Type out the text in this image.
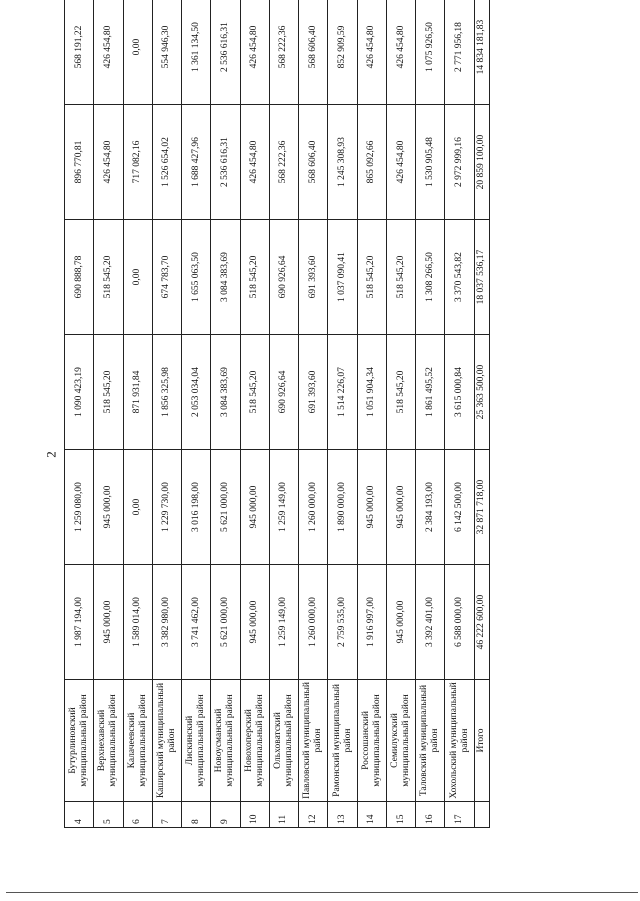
2
4	Бутурлиновский муниципальный район	1 987 194,00	1 259 080,00	1 090 423,19	690 888,78	896 770,81	568 191,22
5	Верхнехавский муниципальный район	945 000,00	945 000,00	518 545,20	518 545,20	426 454,80	426 454,80
6	Калачеевский муниципальный район	1 589 014,00	0,00	871 931,84	0,00	717 082,16	0,00
7	Каширский муниципальный район	3 382 980,00	1 229 730,00	1 856 325,98	674 783,70	1 526 654,02	554 946,30
8	Лискинский муниципальный район	3 741 462,00	3 016 198,00	2 053 034,04	1 655 063,50	1 688 427,96	1 361 134,50
9	Новоусманский муниципальный район	5 621 000,00	5 621 000,00	3 084 383,69	3 084 383,69	2 536 616,31	2 536 616,31
10	Новохоперский муниципальный район	945 000,00	945 000,00	518 545,20	518 545,20	426 454,80	426 454,80
11	Ольховатский муниципальный район	1 259 149,00	1 259 149,00	690 926,64	690 926,64	568 222,36	568 222,36
12	Павловский муниципальный район	1 260 000,00	1 260 000,00	691 393,60	691 393,60	568 606,40	568 606,40
13	Рамонский муниципальный район	2 759 535,00	1 890 000,00	1 514 226,07	1 037 090,41	1 245 308,93	852 909,59
14	Россошанский муниципальный район	1 916 997,00	945 000,00	1 051 904,34	518 545,20	865 092,66	426 454,80
15	Семилукский муниципальный район	945 000,00	945 000,00	518 545,20	518 545,20	426 454,80	426 454,80
16	Таловский муниципальный район	3 392 401,00	2 384 193,00	1 861 495,52	1 308 266,50	1 530 905,48	1 075 926,50
17	Хохольский муниципальный район	6 588 000,00	6 142 500,00	3 615 000,84	3 370 543,82	2 972 999,16	2 771 956,18
	Итого	46 222 600,00	32 871 718,00	25 363 500,00	18 037 536,17	20 859 100,00	14 834 181,83
